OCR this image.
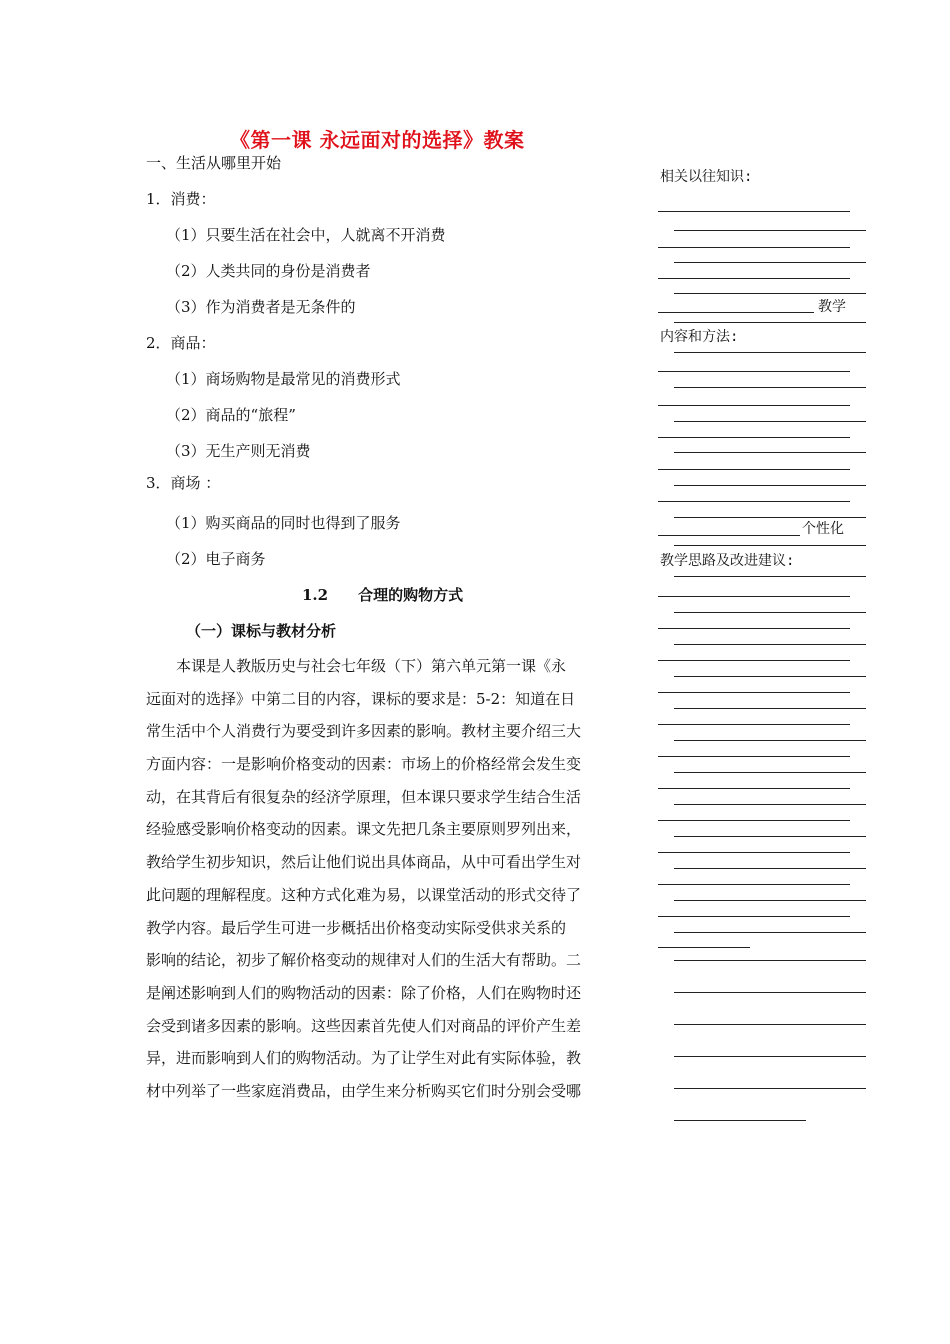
《第一课 永远面对的选择》教案
一、生活从哪里开始
1．消费：
（1）只要生活在社会中，人就离不开消费
（2）人类共同的身份是消费者
（3）作为消费者是无条件的
2．商品：
（1）商场购物是最常见的消费形式
（2）商品的“旅程”
（3）无生产则无消费
3．商场 ：
（1）购买商品的同时也得到了服务
（2）电子商务
1.2　　合理的购物方式
（一）课标与教材分析
　　本课是人教版历史与社会七年级（下）第六单元第一课《永
远面对的选择》中第二目的内容，课标的要求是：5-2：知道在日
常生活中个人消费行为要受到许多因素的影响。教材主要介绍三大
方面内容：一是影响价格变动的因素：市场上的价格经常会发生变
动，在其背后有很复杂的经济学原理，但本课只要求学生结合生活
经验感受影响价格变动的因素。课文先把几条主要原则罗列出来，
教给学生初步知识，然后让他们说出具体商品，从中可看出学生对
此问题的理解程度。这种方式化难为易，以课堂活动的形式交待了
教学内容。最后学生可进一步概括出价格变动实际受供求关系的
影响的结论，初步了解价格变动的规律对人们的生活大有帮助。二
是阐述影响到人们的购物活动的因素：除了价格，人们在购物时还
会受到诸多因素的影响。这些因素首先使人们对商品的评价产生差
异，进而影响到人们的购物活动。为了让学生对此有实际体验，教
材中列举了一些家庭消费品，由学生来分析购买它们时分别会受哪
相关以往知识:
教学
内容和方法:
个性化
教学思路及改进建议:
